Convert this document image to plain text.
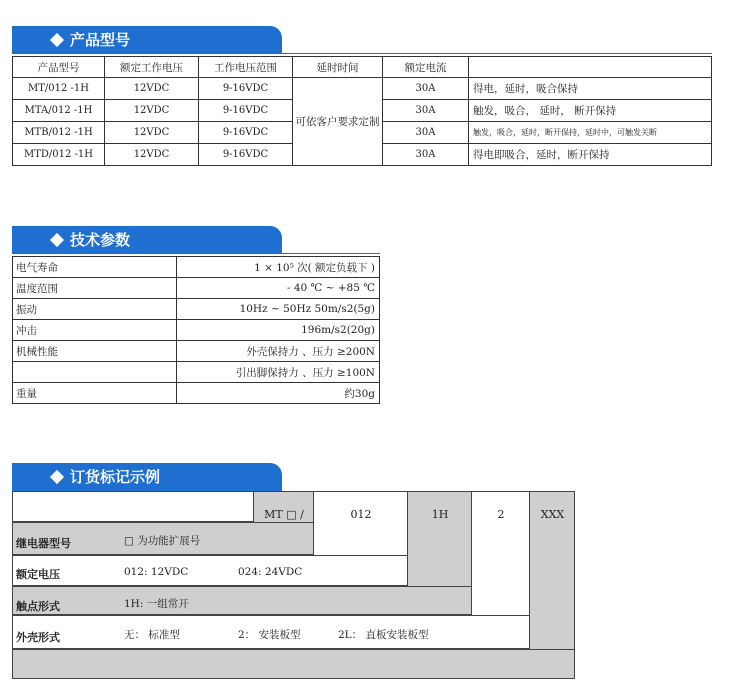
产品型号
产品型号	额定工作电压	工作电压范围	延时时间	额定电流	
MT/012 -1H	12VDC	9-16VDC	可依客户要求定制	30A	得电，延时，吸合保持
MTA/012 -1H	12VDC	9-16VDC		30A	触发，吸合， 延时， 断开保持
MTB/012 -1H	12VDC	9-16VDC		30A	触发，吸合，延时，断开保持，延时中，可触发关断
MTD/012 -1H	12VDC	9-16VDC		30A	得电即吸合，延时，断开保持
技术参数
电气寿命	1 × 10⁵ 次( 额定负载下 )
温度范围	- 40 ℃ ~ +85 ℃
振动	10Hz ~ 50Hz 50m/s2(5g)
冲击	196m/s2(20g)
机械性能	外壳保持力 、压力 ≥200N
	引出脚保持力 、压力 ≥100N
重量	约30g
订货标记示例
MT □ /	012	1H	2	XXX
继电器型号	□ 为功能扩展号
额定电压	012: 12VDC	024: 24VDC
触点形式	1H: 一组常开
外壳形式	无： 标准型	2： 安装板型	2L： 直板安装板型
